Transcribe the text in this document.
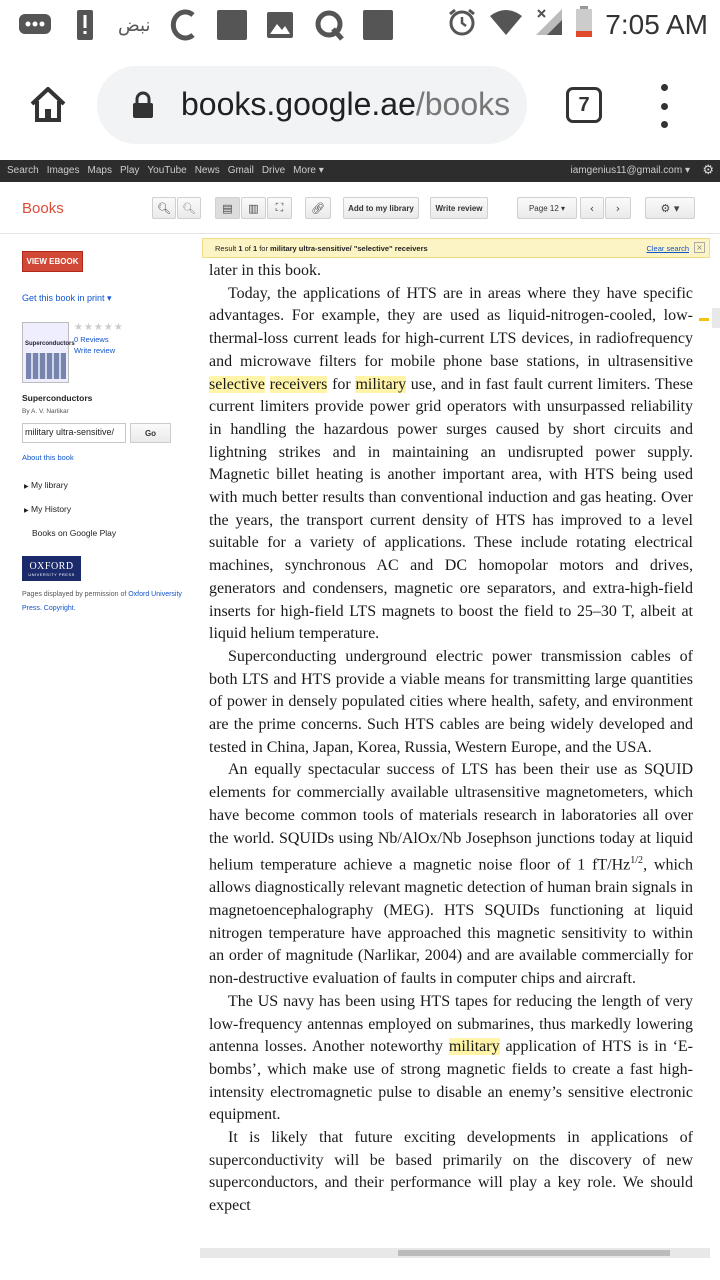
نبض	7:05 AM
books.google.ae/books	7
Search Images Maps Play YouTube News Gmail Drive More ▾	iamgenius11@gmail.com ▾ ⚙
Books	🔍︎	🔍︎	▤	▥	⛶	🔗︎	Add to my library	Write review	Page 12 ▾	‹	›	⚙ ▾
VIEW EBOOK
Get this book in print ▾
Superconductors
★★★★★
0 Reviews
Write review
Superconductors
By A. V. Narlikar
military ultra-sensitive/	Go
About this book
▶ My library
▶ My History
Books on Google Play
OXFORD
UNIVERSITY PRESS
Pages displayed by permission of Oxford University Press. Copyright.
Result 1 of 1 for military ultra-sensitive/ "selective" receivers	Clear search ×

later in this book.

Today, the applications of HTS are in areas where they have specific advantages. For example, they are used as liquid-nitrogen-cooled, low-thermal-loss current leads for high-current LTS devices, in radiofrequency and microwave filters for mobile phone base stations, in ultrasensitive selective receivers for military use, and in fast fault current limiters. These current limiters provide power grid operators with unsurpassed reliability in handling the hazardous power surges caused by short circuits and lightning strikes and in maintaining an undisrupted power supply. Magnetic billet heating is another important area, with HTS being used with much better results than conventional induction and gas heating. Over the years, the transport current density of HTS has improved to a level suitable for a variety of applications. These include rotating electrical machines, synchronous AC and DC homopolar motors and drives, generators and condensers, magnetic ore separators, and extra-high-field inserts for high-field LTS magnets to boost the field to 25–30 T, albeit at liquid helium temperature.

Superconducting underground electric power transmission cables of both LTS and HTS provide a viable means for transmitting large quantities of power in densely populated cities where health, safety, and environment are the prime concerns. Such HTS cables are being widely developed and tested in China, Japan, Korea, Russia, Western Europe, and the USA.

An equally spectacular success of LTS has been their use as SQUID elements for commercially available ultrasensitive magnetometers, which have become common tools of materials research in laboratories all over the world. SQUIDs using Nb/AlOx/Nb Josephson junctions today at liquid helium temperature achieve a magnetic noise floor of 1 $fT/Hz^{1/2}$, which allows diagnostically relevant magnetic detection of human brain signals in magnetoencephalography (MEG). HTS SQUIDs functioning at liquid nitrogen temperature have approached this magnetic sensitivity to within an order of magnitude (Narlikar, 2004) and are available commercially for non-destructive evaluation of faults in computer chips and aircraft.

The US navy has been using HTS tapes for reducing the length of very low-frequency antennas employed on submarines, thus markedly lowering antenna losses. Another noteworthy military application of HTS is in ‘E-bombs’, which make use of strong magnetic fields to create a fast high-intensity electromagnetic pulse to disable an enemy’s sensitive electronic equipment.

It is likely that future exciting developments in applications of superconductivity will be based primarily on the discovery of new superconductors, and their performance will play a key role. We should expect
